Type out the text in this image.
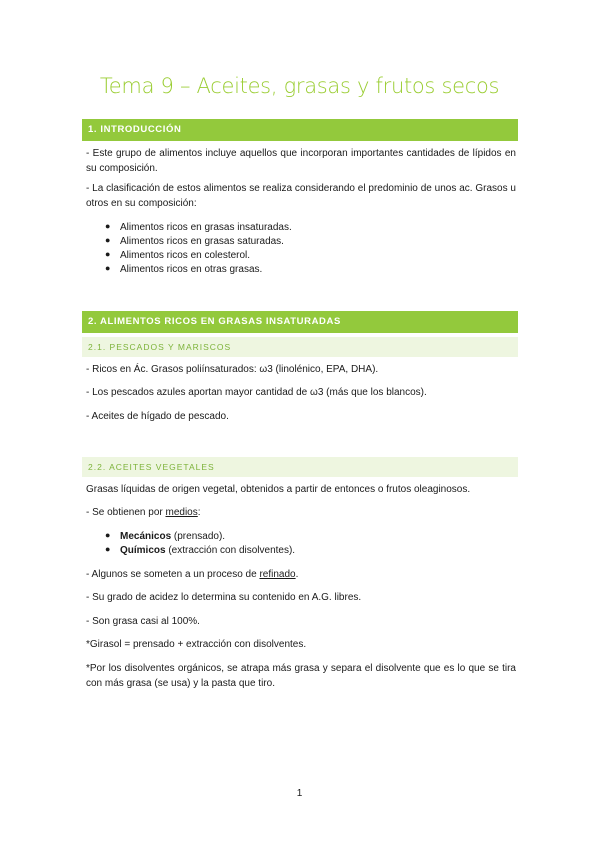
Tema 9 – Aceites, grasas y frutos secos
1. INTRODUCCIÓN
- Este grupo de alimentos incluye aquellos que incorporan importantes cantidades de lípidos en su composición.
- La clasificación de estos alimentos se realiza considerando el predominio de unos ac. Grasos u otros en su composición:
● Alimentos ricos en grasas insaturadas.
● Alimentos ricos en grasas saturadas.
● Alimentos ricos en colesterol.
● Alimentos ricos en otras grasas.
2. ALIMENTOS RICOS EN GRASAS INSATURADAS
2.1. PESCADOS Y MARISCOS
- Ricos en Ác. Grasos poliínsaturados: ω3 (linolénico, EPA, DHA).
- Los pescados azules aportan mayor cantidad de ω3 (más que los blancos).
- Aceites de hígado de pescado.
2.2. ACEITES VEGETALES
Grasas líquidas de origen vegetal, obtenidos a partir de entonces o frutos oleaginosos.
- Se obtienen por medios:
● Mecánicos (prensado).
● Químicos (extracción con disolventes).
- Algunos se someten a un proceso de refinado.
- Su grado de acidez lo determina su contenido en A.G. libres.
- Son grasa casi al 100%.
*Girasol = prensado + extracción con disolventes.
*Por los disolventes orgánicos, se atrapa más grasa y separa el disolvente que es lo que se tira con más grasa (se usa) y la pasta que tiro.
1
